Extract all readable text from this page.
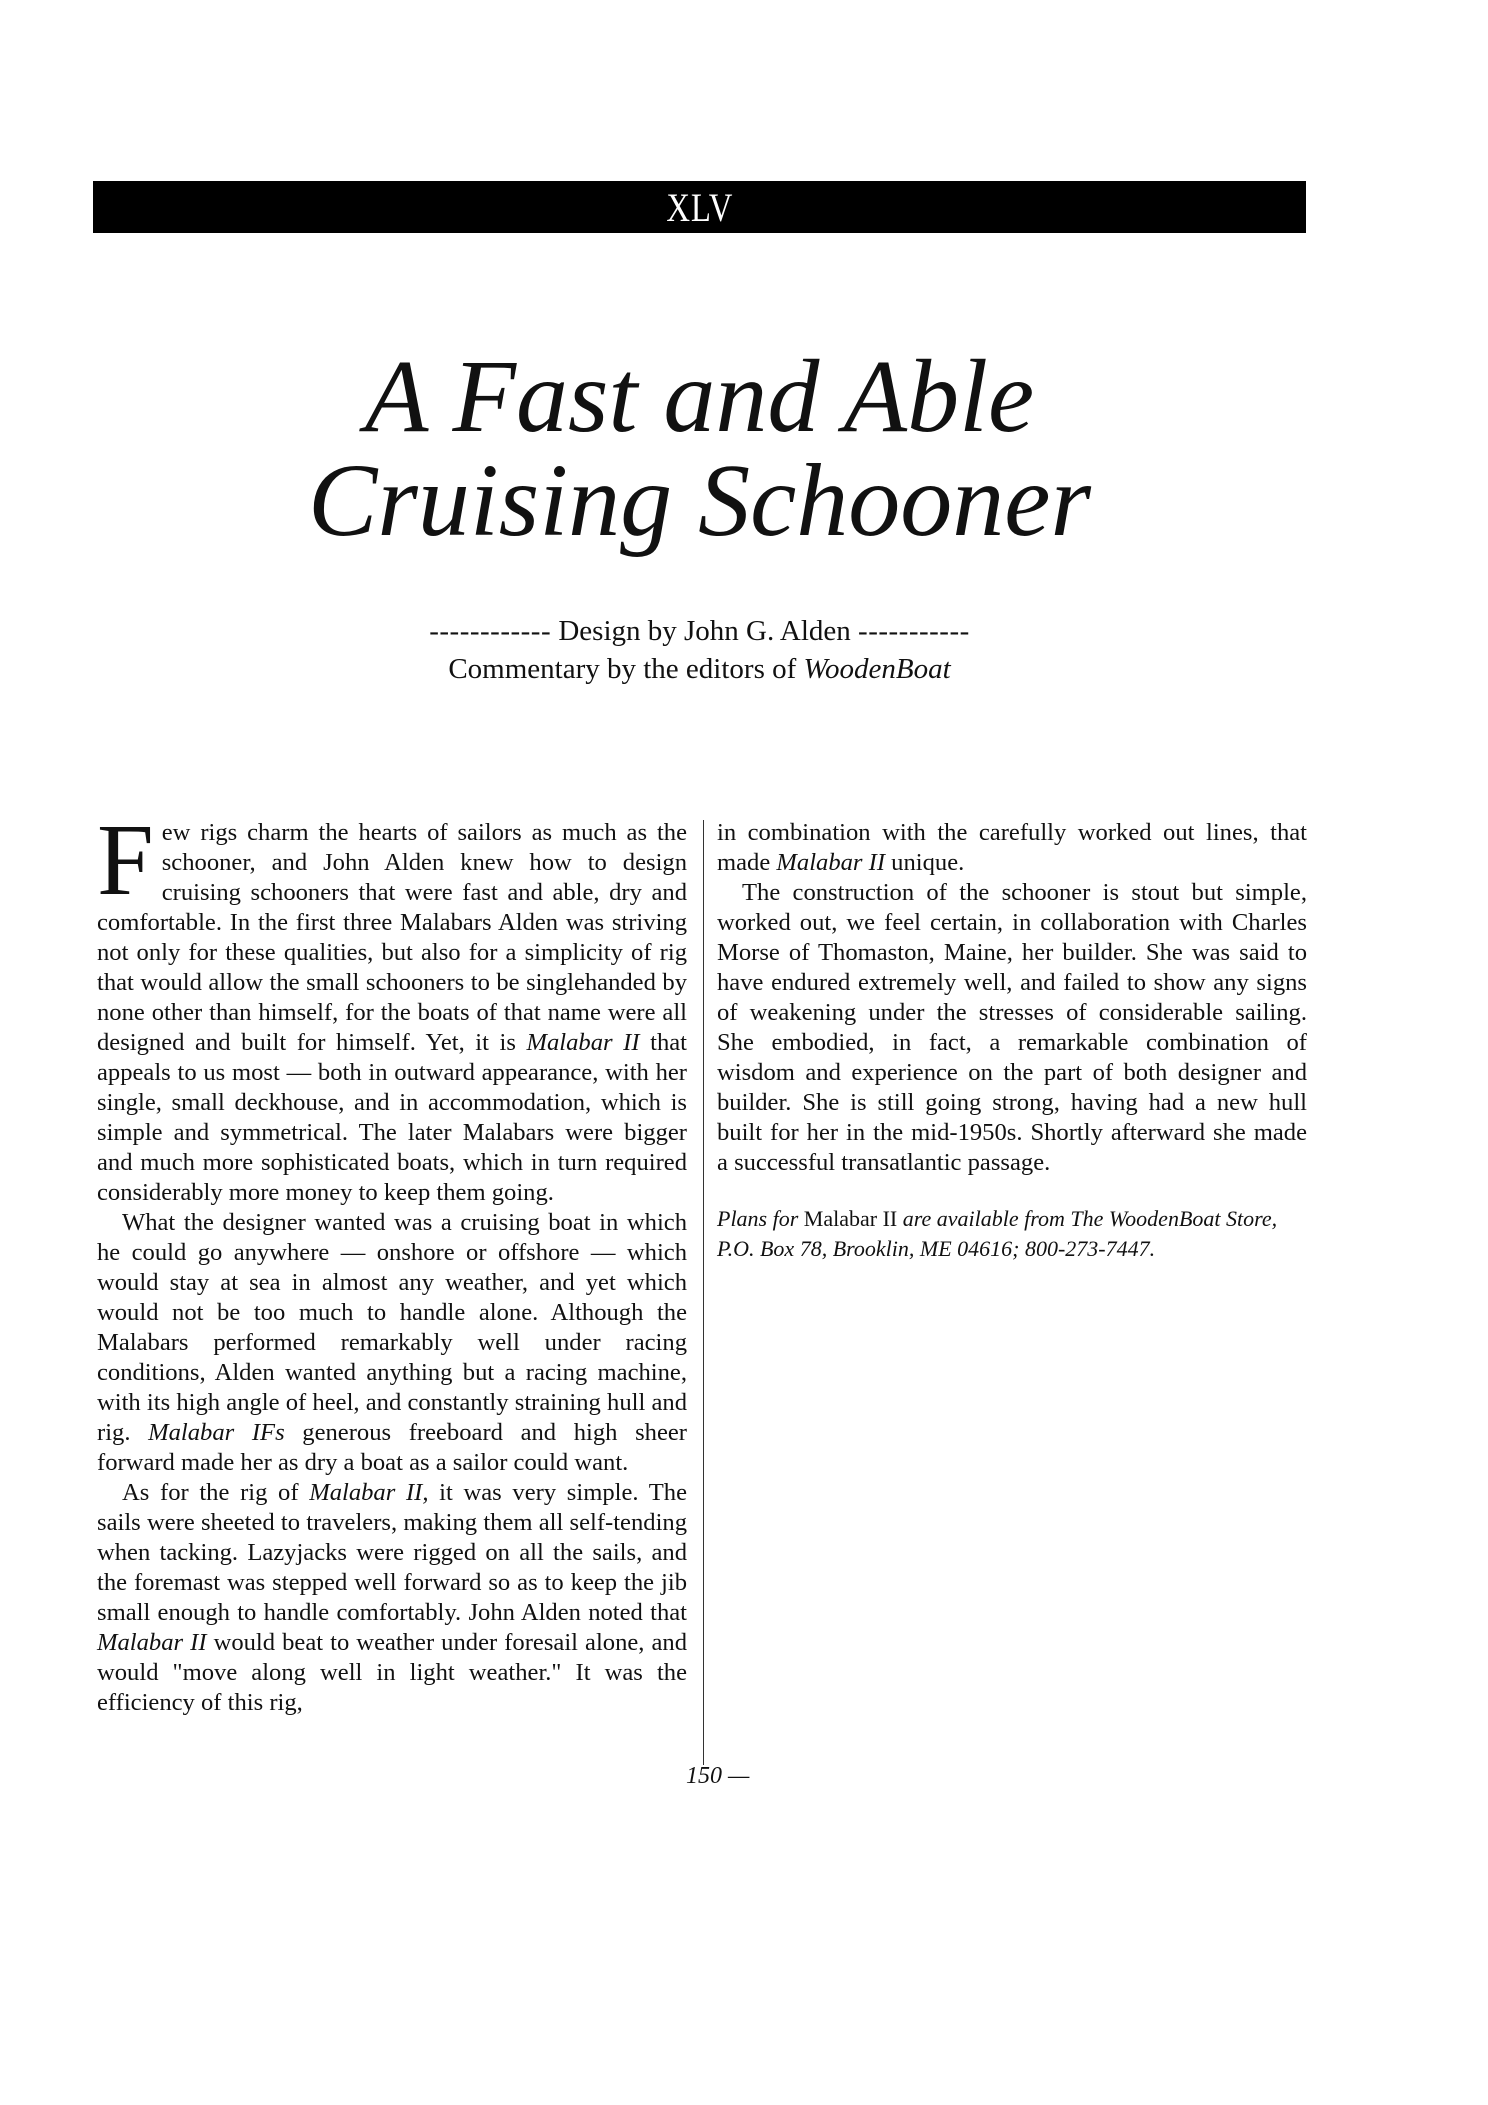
XLV
A Fast and Able
Cruising Schooner
------------ Design by John G. Alden -----------
Commentary by the editors of WoodenBoat

Few rigs charm the hearts of sailors as much as the schooner, and John Alden knew how to design cruising schooners that were fast and able, dry and comfortable. In the first three Malabars Alden was striving not only for these qualities, but also for a simplicity of rig that would allow the small schooners to be singlehanded by none other than himself, for the boats of that name were all designed and built for himself. Yet, it is Malabar II that appeals to us most — both in outward appearance, with her single, small deckhouse, and in accommodation, which is simple and symmetrical. The later Malabars were bigger and much more sophisticated boats, which in turn required considerably more money to keep them going.

What the designer wanted was a cruising boat in which he could go anywhere — onshore or offshore — which would stay at sea in almost any weather, and yet which would not be too much to handle alone. Although the Malabars performed remarkably well under racing conditions, Alden wanted anything but a racing machine, with its high angle of heel, and constantly straining hull and rig. Malabar IFs generous freeboard and high sheer forward made her as dry a boat as a sailor could want.

As for the rig of Malabar II, it was very simple. The sails were sheeted to travelers, making them all self-tending when tacking. Lazyjacks were rigged on all the sails, and the foremast was stepped well forward so as to keep the jib small enough to handle comfortably. John Alden noted that Malabar II would beat to weather under foresail alone, and would "move along well in light weather." It was the efficiency of this rig,

in combination with the carefully worked out lines, that made Malabar II unique.

The construction of the schooner is stout but simple, worked out, we feel certain, in collaboration with Charles Morse of Thomaston, Maine, her builder. She was said to have endured extremely well, and failed to show any signs of weakening under the stresses of considerable sailing. She embodied, in fact, a remarkable combination of wisdom and experience on the part of both designer and builder. She is still going strong, having had a new hull built for her in the mid-1950s. Shortly afterward she made a successful transatlantic passage.

Plans for Malabar II are available from The WoodenBoat Store, P.O. Box 78, Brooklin, ME 04616; 800-273-7447.

150 —
